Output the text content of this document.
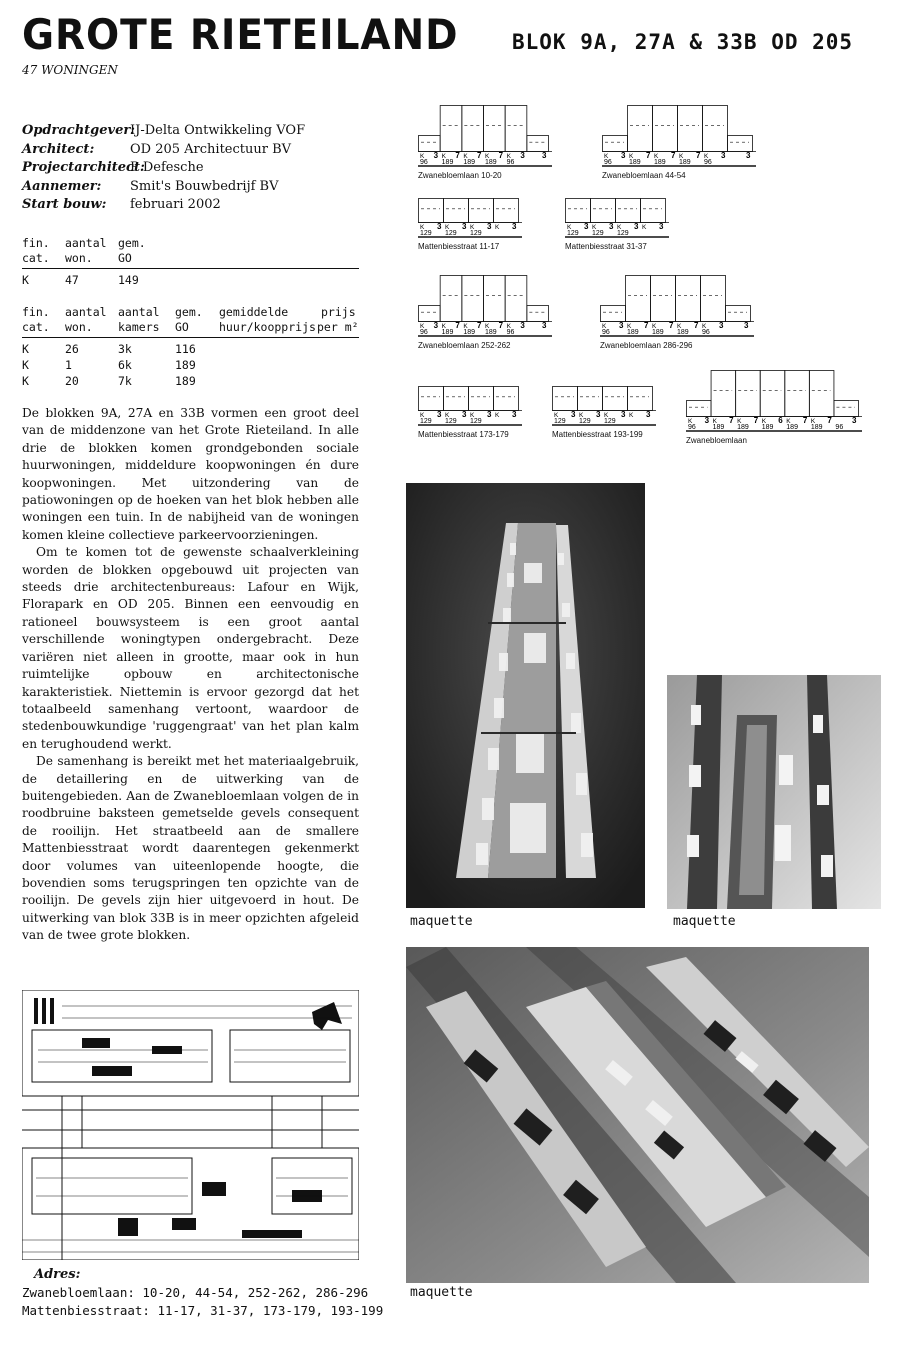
GROTE RIETEILAND	BLOK 9A, 27A & 33B OD 205
47 WONINGEN
Opdrachtgever:
IJ-Delta Ontwikkeling VOF
Architect:	OD 205 Architectuur BV
Projectarchitect:
P Defesche
Aannemer:	Smit's Bouwbedrijf BV
Start bouw:	februari 2002
fin.	aantal	gem.
cat.	won.	GO
K	47	149
fin.	aantal	aantal	gem.	gemiddelde	prijs
cat.	won.	kamers	GO	huur/koopprijs	per m²
K	26	3k	116		
K	1	6k	189		
K	20	7k	189		

De blokken 9A, 27A en 33B vormen een groot deel van de middenzone van het Grote Rieteiland. In alle drie de blokken komen grondgebonden sociale huurwoningen, middeldure koopwoningen én dure koopwoningen. Met uitzondering van de patiowoningen op de hoeken van het blok hebben alle woningen een tuin. In de nabijheid van de woningen komen kleine collectieve parkeervoorzieningen.

Om te komen tot de gewenste schaalverkleining worden de blokken opgebouwd uit projecten van steeds drie architectenbureaus: Lafour en Wijk, Florapark en OD 205. Binnen een eenvoudig en rationeel bouwsysteem is een groot aantal verschillende woningtypen ondergebracht. Deze variëren niet alleen in grootte, maar ook in hun ruimtelijke opbouw en architectonische karakteristiek. Niettemin is ervoor gezorgd dat het totaalbeeld samenhang vertoont, waardoor de stedenbouwkundige 'ruggengraat' van het plan kalm en terughoudend werkt.

De samenhang is bereikt met het materiaalgebruik, de detaillering en de uitwerking van de buitengebieden. Aan de Zwanebloemlaan volgen de in roodbruine baksteen gemetselde gevels consequent de rooilijn. Het straatbeeld aan de smallere Mattenbiesstraat wordt daarentegen gekenmerkt door volumes van uiteenlopende hoogte, die bovendien soms terugspringen ten opzichte van de rooilijn. De gevels zijn hier uitgevoerd in hout. De uitwerking van blok 33B is in meer opzichten afgeleid van de twee grote blokken.

K 3
96
K 7
189
K 7
189
K 7
189
K 3
96
3
Zwanebloemlaan 10-20
K 3
96
K 7
189
K 7
189
K 7
189
K 3
96
3
Zwanebloemlaan 44-54
K 3
129
K 3
129
K 3
129
K 3
Mattenbiesstraat 11-17
K 3
129
K 3
129
K 3
129
K 3
Mattenbiesstraat 31-37
K 3
96
K 7
189
K 7
189
K 7
189
K 3
96
3
Zwanebloemlaan 252-262
K 3
96
K 7
189
K 7
189
K 7
189
K 3
96
3
Zwanebloemlaan 286-296
K 3
129
K 3
129
K 3
129
K 3
Mattenbiesstraat 173-179
K 3
129
K 3
129
K 3
129
K 3
Mattenbiesstraat 193-199
K 3
96
K 7
189
K 7
189
K 6
189
K 7
189
K 7
189
3
96
Zwanebloemlaan
maquette	maquette
Adres:
Zwanebloemlaan: 10-20, 44-54, 252-262, 286-296
Mattenbiesstraat: 11-17, 31-37, 173-179, 193-199
maquette
